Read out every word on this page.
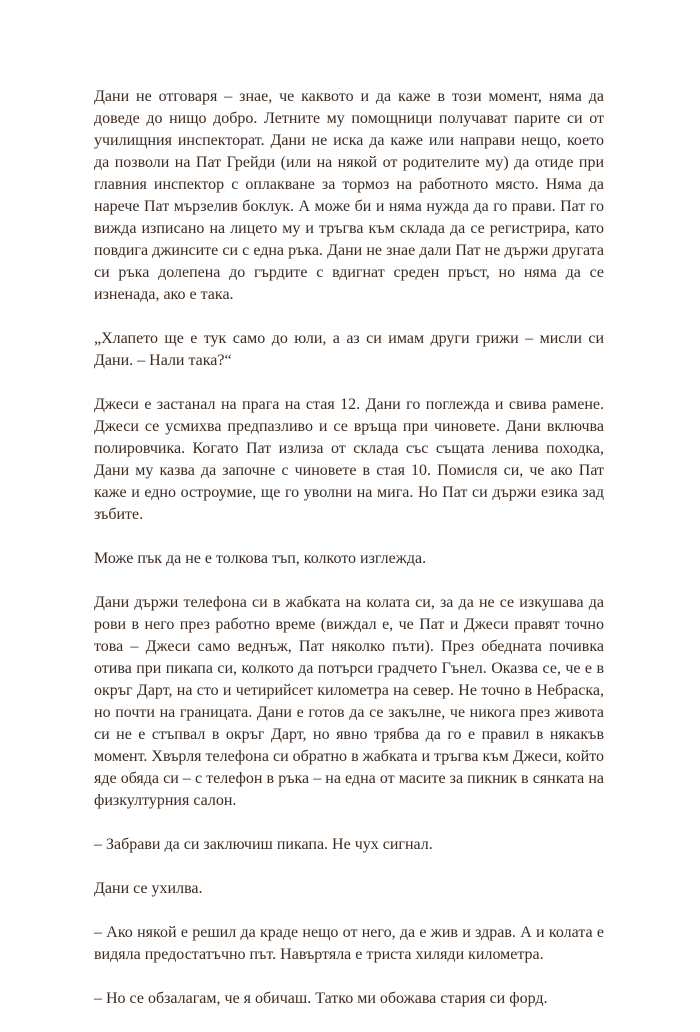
Дани не отговаря – знае, че каквото и да каже в този момент, няма да доведе до нищо добро. Летните му помощници получават парите си от училищния инспекторат. Дани не иска да каже или направи нещо, което да позволи на Пат Грейди (или на някой от родителите му) да отиде при главния инспектор с оплакване за тормоз на работното място. Няма да нарече Пат мързелив боклук. А може би и няма нужда да го прави. Пат го вижда изписано на лицето му и тръгва към склада да се регистрира, като повдига джинсите си с една ръка. Дани не знае дали Пат не държи другата си ръка долепена до гърдите с вдигнат среден пръст, но няма да се изненада, ако е така.

„Хлапето ще е тук само до юли, а аз си имам други грижи – мисли си Дани. – Нали така?“

Джеси е застанал на прага на стая 12. Дани го поглежда и свива рамене. Джеси се усмихва предпазливо и се връща при чиновете. Дани включва полировчика. Когато Пат излиза от склада със същата ленива походка, Дани му казва да започне с чиновете в стая 10. Помисля си, че ако Пат каже и едно остроумие, ще го уволни на мига. Но Пат си държи езика зад зъбите.

Може пък да не е толкова тъп, колкото изглежда.

Дани държи телефона си в жабката на колата си, за да не се изкушава да рови в него през работно време (виждал е, че Пат и Джеси правят точно това – Джеси само веднъж, Пат няколко пъти). През обедната почивка отива при пикапа си, колкото да потърси градчето Гънел. Оказва се, че е в окръг Дарт, на сто и четирийсет километра на север. Не точно в Небраска, но почти на границата. Дани е готов да се закълне, че никога през живота си не е стъпвал в окръг Дарт, но явно трябва да го е правил в някакъв момент. Хвърля телефона си обратно в жабката и тръгва към Джеси, който яде обяда си – с телефон в ръка – на една от масите за пикник в сянката на физкултурния салон.

– Забрави да си заключиш пикапа. Не чух сигнал.

Дани се ухилва.

– Ако някой е решил да краде нещо от него, да е жив и здрав. А и колата е видяла предостатъчно път. Навъртяла е триста хиляди километра.

– Но се обзалагам, че я обичаш. Татко ми обожава стария си форд.
